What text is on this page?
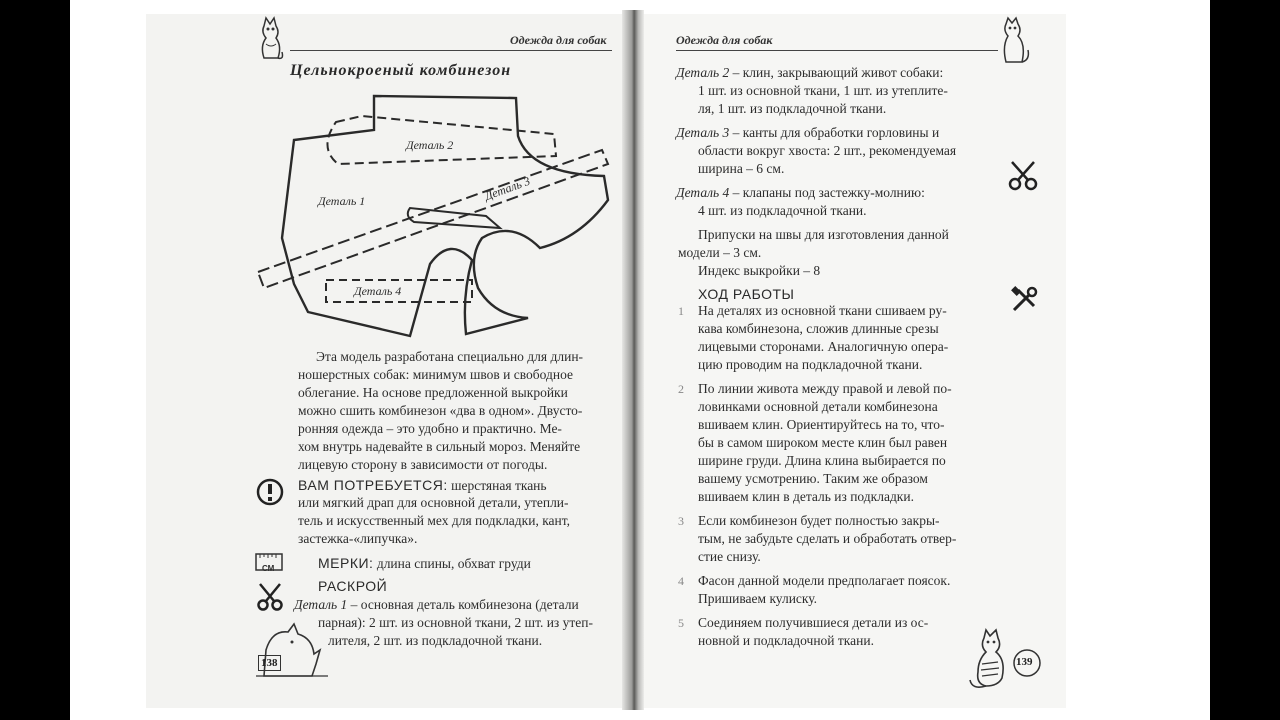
Одежда для собак
Цельнокроеный комбинезон
Деталь 2
Деталь 1	Деталь 3
Деталь 4
Эта модель разработана специально для длин-
ношерстных собак: минимум швов и свободное
облегание. На основе предложенной выкройки
можно сшить комбинезон «два в одном». Двусто-
ронняя одежда – это удобно и практично. Ме-
хом внутрь надевайте в сильный мороз. Меняйте
лицевую сторону в зависимости от погоды.
ВАМ ПОТРЕБУЕТСЯ: шерстяная ткань
или мягкий драп для основной детали, утепли-
тель и искусственный мех для подкладки, кант,
застежка-«липучка».
СМ	МЕРКИ: длина спины, обхват груди
РАСКРОЙ
Деталь 1 – основная деталь комбинезона (детали
парная): 2 шт. из основной ткани, 2 шт. из утеп-
лителя, 2 шт. из подкладочной ткани.
138
Одежда для собак
Деталь 2 – клин, закрывающий живот собаки:
1 шт. из основной ткани, 1 шт. из утеплите-
ля, 1 шт. из подкладочной ткани.
Деталь 3 – канты для обработки горловины и
области вокруг хвоста: 2 шт., рекомендуемая
ширина – 6 см.
Деталь 4 – клапаны под застежку-молнию:
4 шт. из подкладочной ткани.
Припуски на швы для изготовления данной
модели – 3 см.
Индекс выкройки – 8
ХОД РАБОТЫ
1 На деталях из основной ткани сшиваем ру-
кава комбинезона, сложив длинные срезы
лицевыми сторонами. Аналогичную опера-
цию проводим на подкладочной ткани.
2 По линии живота между правой и левой по-
ловинками основной детали комбинезона
вшиваем клин. Ориентируйтесь на то, что-
бы в самом широком месте клин был равен
ширине груди. Длина клина выбирается по
вашему усмотрению. Таким же образом
вшиваем клин в деталь из подкладки.
3 Если комбинезон будет полностью закры-
тым, не забудьте сделать и обработать отвер-
стие снизу.
4 Фасон данной модели предполагает поясок.
Пришиваем кулиску.
5 Соединяем получившиеся детали из ос-
новной и подкладочной ткани.
139
